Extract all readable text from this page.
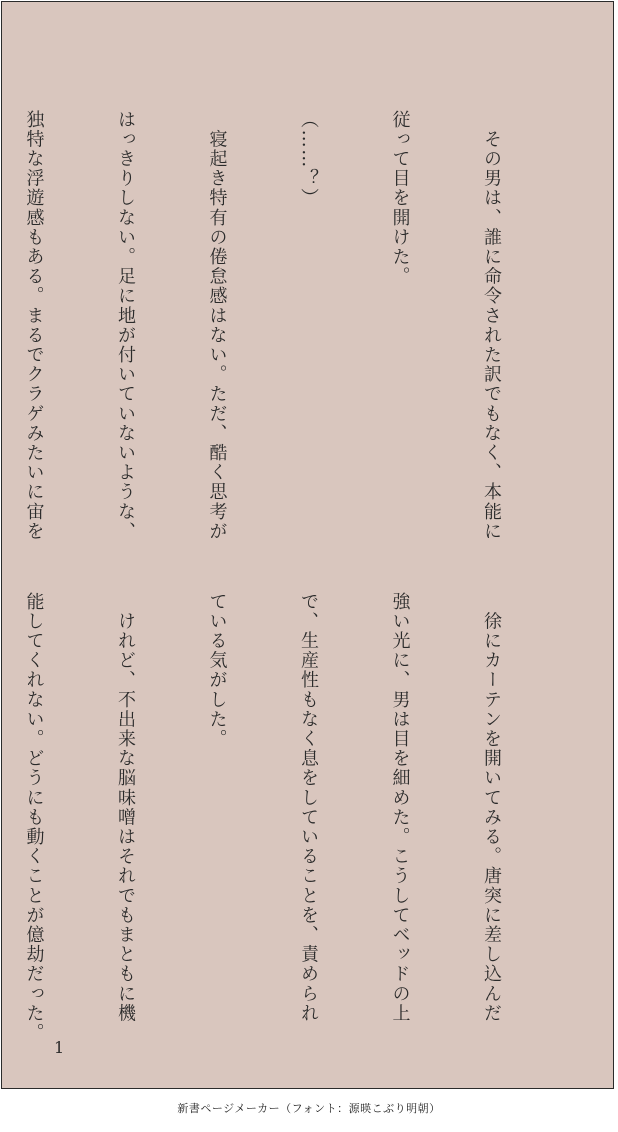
　その男は、誰に命令された訳でもなく、本能に

従って目を開けた。

（……？）

　寝起き特有の倦怠感はない。ただ、酷く思考が

はっきりしない。足に地が付いていないような、

独特な浮遊感もある。まるでクラゲみたいに宙を

　徐にカーテンを開いてみる。唐突に差し込んだ

強い光に、男は目を細めた。こうしてベッドの上

で、生産性もなく息をしていることを、責められ

ている気がした。

　けれど、不出来な脳味噌はそれでもまともに機

能してくれない。どうにも動くことが億劫だった。

1
新書ページメーカー（フォント：源暎こぶり明朝）
